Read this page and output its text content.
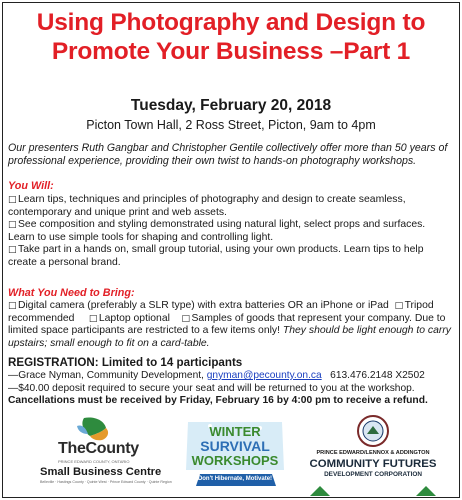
Using Photography and Design to
Promote Your Business –Part 1
Tuesday, February 20, 2018
Picton Town Hall, 2 Ross Street, Picton, 9am to 4pm
Our presenters Ruth Gangbar and Christopher Gentile collectively offer more than 50 years of professional experience, providing their own twist to hands-on photography workshops.
You Will:

□Learn tips, techniques and principles of photography and design to create seamless, contemporary and unique print and web assets.

□See composition and styling demonstrated using natural light, select props and surfaces. Learn to use simple tools for shaping and controlling light.

□Take part in a hands on, small group tutorial, using your own products. Learn tips to help create a personal brand.

What You Need to Bring:

□Digital camera (preferably a SLR type) with extra batteries OR an iPhone or iPad □Tripod recommended □Laptop optional □Samples of goods that represent your company. Due to limited space participants are restricted to a few items only! They should be light enough to carry upstairs; small enough to fit on a card-table.

REGISTRATION: Limited to 14 participants
—Grace Nyman, Community Development, gnyman@pecounty.on.ca 613.476.2148 X2502
—$40.00 deposit required to secure your seat and will be returned to you at the workshop.
Cancellations must be received by Friday, February 16 by 4:00 pm to receive a refund.
TheCounty
PRINCE EDWARD COUNTY, ONTARIO
Small Business Centre
Belleville · Hastings County · Quinte West · Prince Edward County · Quinte Region
WINTER
SURVIVAL
WORKSHOPS
Don't Hibernate, Motivate!
PRINCE EDWARD/LENNOX & ADDINGTON
COMMUNITY FUTURES
DEVELOPMENT CORPORATION
